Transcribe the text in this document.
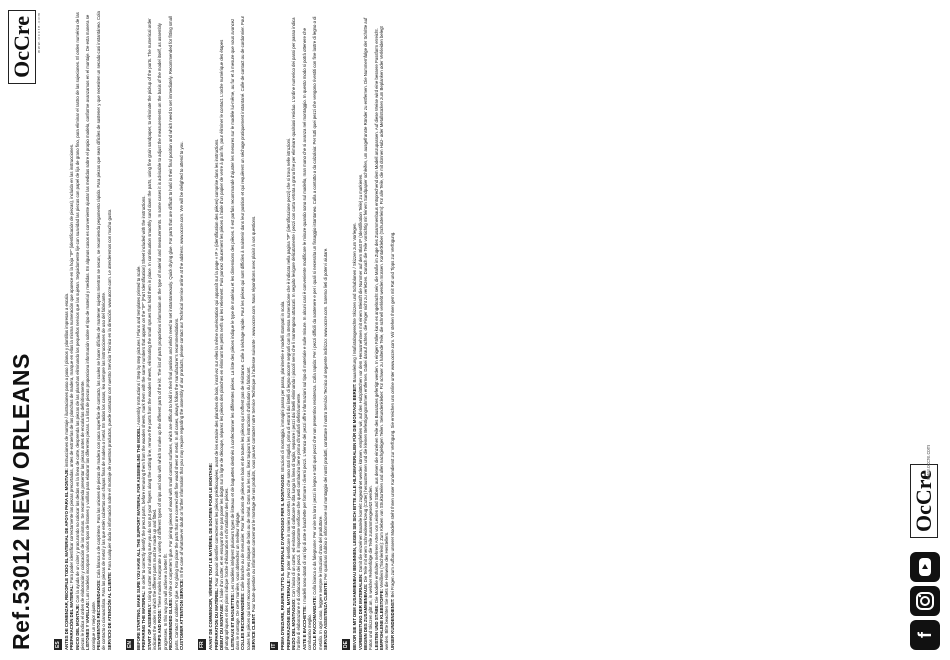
Ref.53012 NEW ORLEANS
OcCre www.occre.com
ES ANTES DE COMENZAR, RECOPILE TODO EL MATERIAL DE APOYO PARA EL MONTAJE: instrucciones de montaje / ilustraciones paso a paso / planos y plantillas impresas a escala.

PREPARACIÓN DEL MATERIAL: Para poder identificar correctamente las piezas precortadas, antes de extraerlas de las planchas de madera, marque en ellas la misma numeración que aparece en la hoja "IP" (identificación de piezas), incluida en las instrucciones.

INICIO DEL MONTAJE: Con la ayuda de un cúter y procurando no colocar los dedos en la línea de corte, desprenda las piezas de las planchas eliminando los pequeños nervios que las sujetan. Seguidamente lije con suavidad las piezas con papel de lija de grano fino, para eliminar el rastro de las sujeciones. El orden numérico de las piezas le indica el orden de elaboración y colocación de las mismas. Se recomienda presentar las piezas antes de encolarlas definitivamente. LISTONES Y VARILLAS: Los modelos incorporan varios tipos de listones y varillas para elaborar las diferentes piezas. La lista de piezas proporciona información sobre el tipo de material y medidas. En algunos casos es conveniente ajustar las medidas sobre el propio modelo, conforme avanzamos en el montaje. De esta manera se consigue un mejor ajuste. PEGAMENTOS RECOMENDADOS: Cola blanca o de carpintero. Para las uniones de piezas de madera con poca superficie de contacto, las cuales se hacen difíciles de mantener sujetas mientras se secan, se recomienda pegamento rápido. Para piezas que sean difíciles de sostener y que necesiten un secado casi instantáneo. Cola de contacto o cianoacrilato. Para las piezas de metal y las que estén cubiertas con chapas finas de madera o metal. En todos los casos, lea siempre las instrucciones de uso del fabricante. SERVICIO DE ATENCIÓN AL CLIENTE: Para cualquier duda o información sobre el montaje de nuestros productos, puede contactar con nuestro Servicio Técnico en la dirección: www.occre.com. Le atenderemos con mucho gusto.

EN BEFORE STARTING, MAKE SURE YOU HAVE ALL THE SUPPORT MATERIAL FOR ASSEMBLING THE MODEL: Assembly Instructions / Step by step pictures / Plans and templates printed to scale.

PREPARING THE MATERIAL: In order to correctly identify the precut parts, before removing them from the wooden sheets, mark them with the same numbers that appear on the "IP" (Part Identification) Sheet included with the instructions.

START OF ASSEMBLY: Using a cutter and making sure you do not put your fingers along the cutting line, remove the parts from the wooden sheets, eliminating the small sprues that hold them in place. In continuation smoothly sand down the parts, using fine grain sandpaper, to eliminate the pickup of the parts. The numerical order indicates the order in which the different parts must be made up and fitted. STRIPS AND RODS: These models incorporate a variety of different types of strips and rods with which to make up the different parts of the kit. The list of parts proportions information on the type of material and measurements. In some cases it is advisable to adjust the measurements on the basis of the model itself, as assembly progresses. In this way you will achieve a better fit. RECOMMENDED GLUES: White or carpenter's glue. For joining pieces of wood with small contact surfaces, which are difficult to hold in their final position and which need to set instantaneously. Quick drying glue. For parts that are difficult to hold in their final position and which need to set immediately. Recommended for fitting small parts. Contact or cobbler's glue. For gluing into place the parts that are covered with fine wood sheet or metal. In all cases, always follow the manufacturer's recommendations. CUSTOMER ATTENTION SERVICE: In the case of whatsoever doubt or further information that you may require regarding the assembly of our products, please contact our Technical Service online at the address: www.occre.com. We will be delighted to attend to you.

FR AVANT DE COMMENCER, VÉRIFIEZ TOUT LE MATÉRIEL DE SOUTIEN POUR LE MONTAGE: PRÉPARATION DU MATÉRIEL: Pour pouvoir identifier correctement les pièces prédécoupées, avant de les extraire des planches de bois, inscrivez sur elles la même numérotation qui apparaît sur la page « IP » (identification des pièces) comprise dans les instructions.

DÉBUT DU MONTAGE: À l'aide d'un cutter, et en essayant de ne pas poser les doigts sur la ligne de découpe, séparez les pièces des planches en éliminant les petits nerfs qui les retiennent. Puis poncez doucement les pièces à l'aide d'un papier de verre à grain fin, pour éliminer le contact. L'ordre numérique des étapes photographiques et des plans indique l'ordre d'élaboration et d'installation des pièces. LISTEAUX ET BAGUETTES: Les modèles intègrent plusieurs types de listeaux et de baguettes destinés à confectionner les différentes pièces. La liste des pièces indique le type de matériau et les dimensions des pièces. Il est parfois recommandé d'ajuster les mesures sur le modèle lui-même, au fur et à mesure que vous avancez dans le montage. De cette manière, vous obtiendrez un meilleur réglage. COLLES RECOMMANDÉES: Colle blanche ou de menuisier. Pour les unions de pièces en bois et de toutes les pièces qui n'offrent pas de résistance. Colle à séchage rapide. Pour les pièces qui sont difficiles à maintenir dans leur position et qui requièrent un séchage pratiquement instantané. Colle de contact ou de cordonnier. Pour toutes les pièces qui sont recouvertes de fines plaques de bois ou de métal. Dans tous les cas, lisez toujours les instructions d'utilisation du fabricant. SERVICE CLIENT: Pour toute question ou information concernant le montage de nos produits, vous pouvez contacter notre Service Technique à l'adresse suivante : www.occre.com. Nous répondrons avec plaisir à vos questions.

IT PRIMA D'INIZIARE, RIUNIRE TUTTO IL MATERIALE D'APPOGGIO PER IL MONTAGGIO: Istruzioni di montaggio, immagini passo per passo, planimetrie e modelli stampati in scala.

PREPARAZIONE DEL MATERIALE: Per poter identificare in maniera corretta i pezzi che sono stati ritagliati, prima di estrarli dai listelli di legno occorre segnarli con la stessa numerazione che è indicata nella pagina "IP" (identificazione pezzi) che si trova nelle istruzioni.

INIZIO DEL MONTAGGIO: Con l'aiuto di un cutter, ed evitando di collocare le dita lungo la linea di taglio, separare i pezzi dai listelli eliminando i piccoli nervi che li mantengono attaccati. In seguito levigare delicatamente i pezzi con carta vetrata a grana fine per eliminare qualsiasi residuo. L'ordine numerico dei passi per passo indica l'ordine di elaborazione e di collocazione dei pezzi. È importante verificare che questi combacino bene prima d'incollarli definitivamente. ASTE E BACCHETTE: I modelli sono dotati di vari tipi di aste e bacchette per formare i diversi pezzi. L'elenco dei pezzi offre informazioni sul tipo di materiale e sulle misure. In alcuni casi è conveniente modificare le misure quando sono sul modello, man mano che si avanza nel montaggio. In questo modo si potrà ottenere che combacino meglio. COLLE RACCOMANDATE: Colla bianca o da falegname: Per unire tra loro i pezzi in legno e tutti quei pezzi che non presentino resistenza. Colla rapida: Per i pezzi difficili da sostenere e per i quali si necessita un fissaggio istantaneo. Colla a contatto o da calzolaio: Per tutti quei pezzi che vengono rivestiti con fine lastre di legno o di metallo. In ogni caso, leggere sempre le istruzioni d'uso del produttore. SERVIZIO ASSISTENZA CLIENTE: Per qualsiasi dubbio o informazione sul montaggio dei nostri prodotti, contattare il nostro Servizio Tecnico al seguente indirizzo: www.occre.com. Saremo lieti di potervi aiutare.

DE BEVOR SIE MIT DEM ZUSAMMENBAU BEGINNEN, LEGEN SIE SICH BITTE ALLE HILFSMATERIALIEN FÜR DIE MONTAGE BEREIT: Bauanleitung / Maßstabsgerechte Skizzen und Schablonen / Skizzen zum Vorlegen.

VORBEREITUNG DER MATERIALIEN: Damit die einzelnen Bauteile korrekt zugeordnet werden können, empfehlen wir, auf den Holzplättchen vor dem Herausnehmen mit einem Bleistift die Nummer auf dem Blatt IP (Identifikation Teile) zu markieren.

BEGINN DES ZUSAMMENBAUS: Die Teile mit einem Schneidewerkzeug (Cutter) heraustrennen und die kleinen Befestigungsrahmen entfernen. Dabei darauf achten, die Finger nicht zu verletzen. Danach die Teile vorsichtig mit feinem Sandpapier schleifen, um ausgefranste Ränder zu entfernen. Die Nummernfolge der Schritte auf Fotos und Skizzen gibt an, in welcher Reihenfolge die Teile zusammengesetzt werden. LEISTEN UND STÄBE: Die Modelle enthalten mehrere Arten von Leisten und Stäben, aus denen die einzelnen Teile des Bausatzes gefertigt werden. In einigen Fällen kann es angebracht sein, die Maße im Zuge des Zusammenbaus entsprechend dem Modell anzupassen. Auf diese Weise wird eine bessere Passform erreicht.

EMPFOHLENE KLEBSTOFFE: Weißleim (Tischlerleim): Zum Kleben von Strukturteilen und allen nachgiebigen Teilen. Sekundenkleber: Für schwer zu haltende Teile, die schnell verklebt werden müssen. Kontaktkleber (Schusterleim): Für alle Teile, die mit dünnen Holz- oder Metallstücken zum Beplanken oder Verkleiden belegt werden. Bitte beachten Sie stets die Hinweise des Herstellers. UNSER KUNDENDIENST: Bei Fragen zum Aufbau unserer Modelle steht Ihnen unser Kundendienst zur Verfügung. Sie erreichen uns online unter www.occre.com. Wir stehen Ihnen gern mit Rat und Tipps zur Verfügung.

f
OcCre
www.occre.com
